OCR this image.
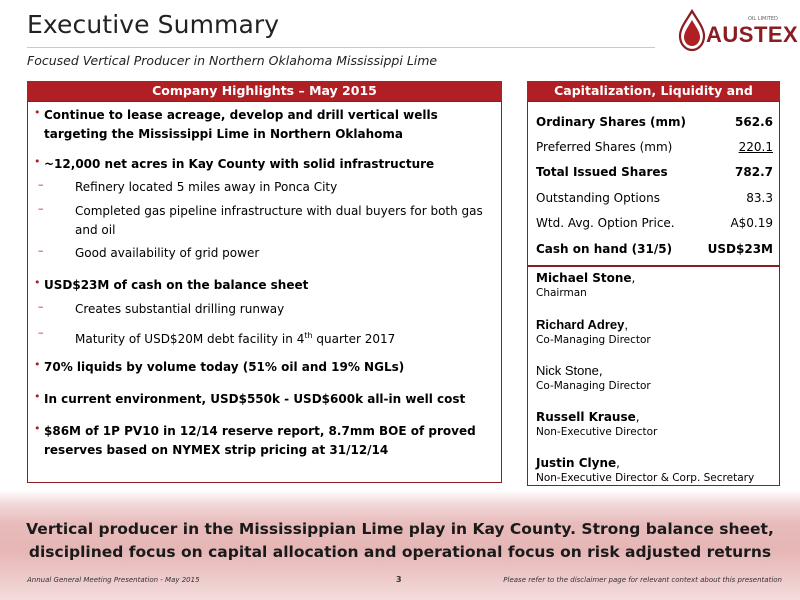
Executive Summary
Focused Vertical Producer in Northern Oklahoma Mississippi Lime
OIL LIMITED
AUSTEX
Company Highlights – May 2015
• Continue to lease acreage, develop and drill vertical wells targeting the Mississippi Lime in Northern Oklahoma
• ~12,000 net acres in Kay County with solid infrastructure
–	Refinery located 5 miles away in Ponca City
–	Completed gas pipeline infrastructure with dual buyers for both gas and oil
–	Good availability of grid power
• USD$23M of cash on the balance sheet
–	Creates substantial drilling runway
–	Maturity of USD$20M debt facility in 4th quarter 2017
• 70% liquids by volume today (51% oil and 19% NGLs)
• In current environment, USD$550k - USD$600k all-in well cost
• $86M of 1P PV10 in 12/14 reserve report, 8.7mm BOE of proved reserves based on NYMEX strip pricing at 31/12/14
Capitalization, Liquidity and
Ordinary Shares (mm)	562.6
Preferred Shares (mm)	220.1
Total Issued Shares	782.7
Outstanding Options	83.3
Wtd. Avg. Option Price.	A$0.19
Cash on hand (31/5)	USD$23M
Michael Stone,
Chairman
Richard Adrey,
Co-Managing Director
Nick Stone,
Co-Managing Director
Russell Krause,
Non-Executive Director
Justin Clyne,
Non-Executive Director & Corp. Secretary
Vertical producer in the Mississippian Lime play in Kay County. Strong balance sheet,
disciplined focus on capital allocation and operational focus on risk adjusted returns
Annual General Meeting Presentation - May 2015	3	Please refer to the disclaimer page for relevant context about this presentation
